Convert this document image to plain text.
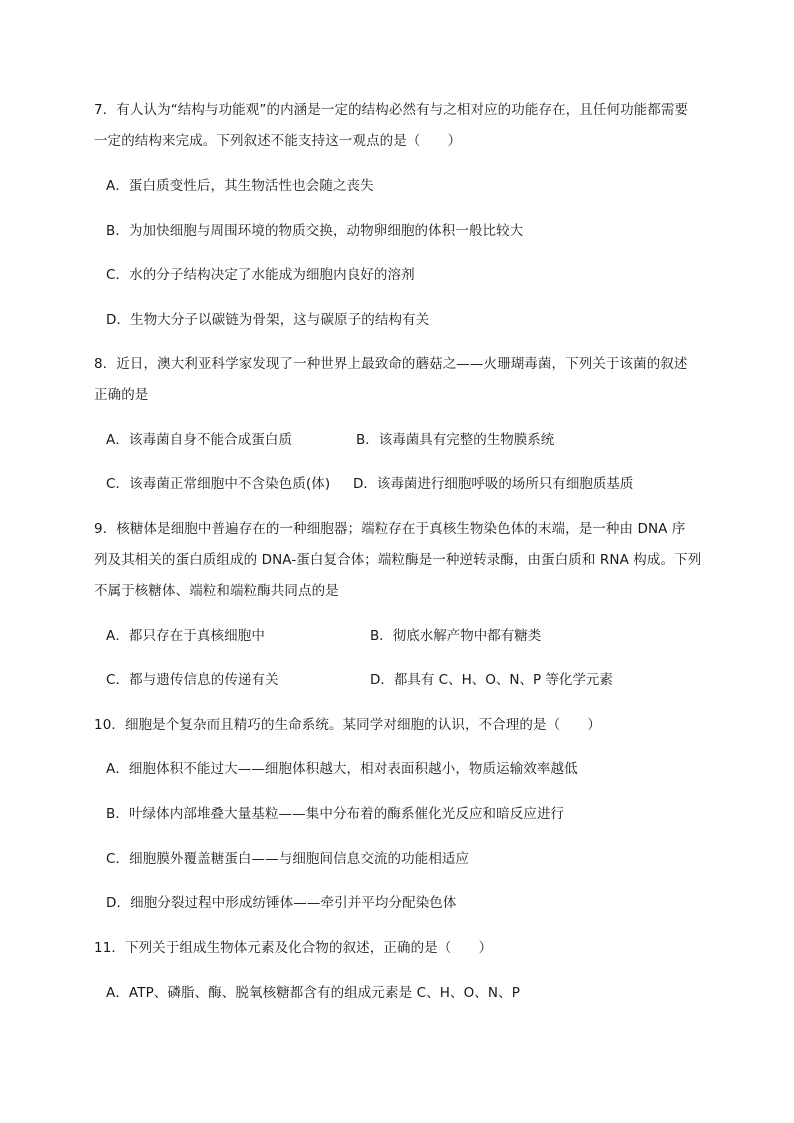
7．有人认为“结构与功能观”的内涵是一定的结构必然有与之相对应的功能存在，且任何功能都需要
一定的结构来完成。下列叙述不能支持这一观点的是（　　）
A．蛋白质变性后，其生物活性也会随之丧失
B．为加快细胞与周围环境的物质交换，动物卵细胞的体积一般比较大
C．水的分子结构决定了水能成为细胞内良好的溶剂
D．生物大分子以碳链为骨架，这与碳原子的结构有关
8．近日，澳大利亚科学家发现了一种世界上最致命的蘑菇之——火珊瑚毒菌，下列关于该菌的叙述
正确的是
A．该毒菌自身不能合成蛋白质	B．该毒菌具有完整的生物膜系统
C．该毒菌正常细胞中不含染色质(体) D．该毒菌进行细胞呼吸的场所只有细胞质基质
9．核糖体是细胞中普遍存在的一种细胞器；端粒存在于真核生物染色体的末端，是一种由 DNA 序
列及其相关的蛋白质组成的 DNA-蛋白复合体；端粒酶是一种逆转录酶，由蛋白质和 RNA 构成。下列
不属于核糖体、端粒和端粒酶共同点的是
A．都只存在于真核细胞中	B．彻底水解产物中都有糖类
C．都与遗传信息的传递有关	D．都具有 C、H、O、N、P 等化学元素
10．细胞是个复杂而且精巧的生命系统。某同学对细胞的认识，不合理的是（　　）
A．细胞体积不能过大——细胞体积越大，相对表面积越小，物质运输效率越低
B．叶绿体内部堆叠大量基粒——集中分布着的酶系催化光反应和暗反应进行
C．细胞膜外覆盖糖蛋白——与细胞间信息交流的功能相适应
D．细胞分裂过程中形成纺锤体——牵引并平均分配染色体
11．下列关于组成生物体元素及化合物的叙述，正确的是（　　）
A．ATP、磷脂、酶、脱氧核糖都含有的组成元素是 C、H、O、N、P
